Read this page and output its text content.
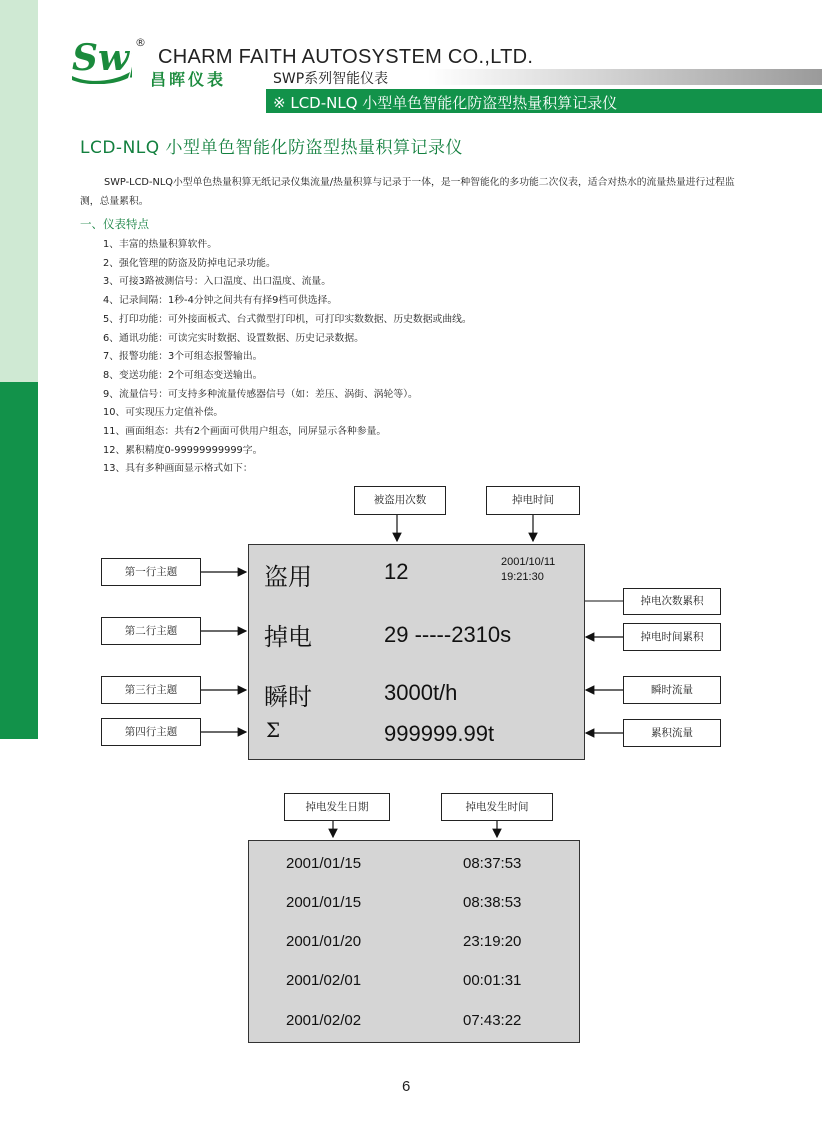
Sw ®
CHARM FAITH AUTOSYSTEM CO.,LTD.
昌晖仪表	SWP系列智能仪表
※ LCD-NLQ 小型单色智能化防盗型热量积算记录仪
LCD-NLQ 小型单色智能化防盗型热量积算记录仪
SWP-LCD-NLQ小型单色热量积算无纸记录仪集流量/热量积算与记录于一体，是一种智能化的多功能二次仪表，适合对热水的流量热量进行过程监测，总量累积。
一、仪表特点
1、丰富的热量积算软件。
2、强化管理的防盗及防掉电记录功能。
3、可接3路被测信号：入口温度、出口温度、流量。
4、记录间隔：1秒-4分钟之间共有有择9档可供选择。
5、打印功能：可外接面板式、台式微型打印机，可打印实数数据、历史数据或曲线。
6、通讯功能：可读完实时数据、设置数据、历史记录数据。
7、报警功能：3个可组态报警输出。
8、变送功能：2个可组态变送输出。
9、流量信号：可支持多种流量传感器信号（如：差压、涡街、涡轮等）。
10、可实现压力定值补偿。
11、画面组态：共有2个画面可供用户组态，同屏显示各种参量。
12、累积精度0-99999999999字。
13、具有多种画面显示格式如下：
被盗用次数	掉电时间
第一行主题
第二行主题
第三行主题
第四行主题
掉电次数累积
掉电时间累积
瞬时流量
累积流量
盗用	12	2001/10/11
19:21:30
掉电	29 -----2310s
瞬时	3000t/h
Σ	999999.99t
掉电发生日期	掉电发生时间
2001/01/15	08:37:53
2001/01/15	08:38:53
2001/01/20	23:19:20
2001/02/01	00:01:31
2001/02/02	07:43:22
6
